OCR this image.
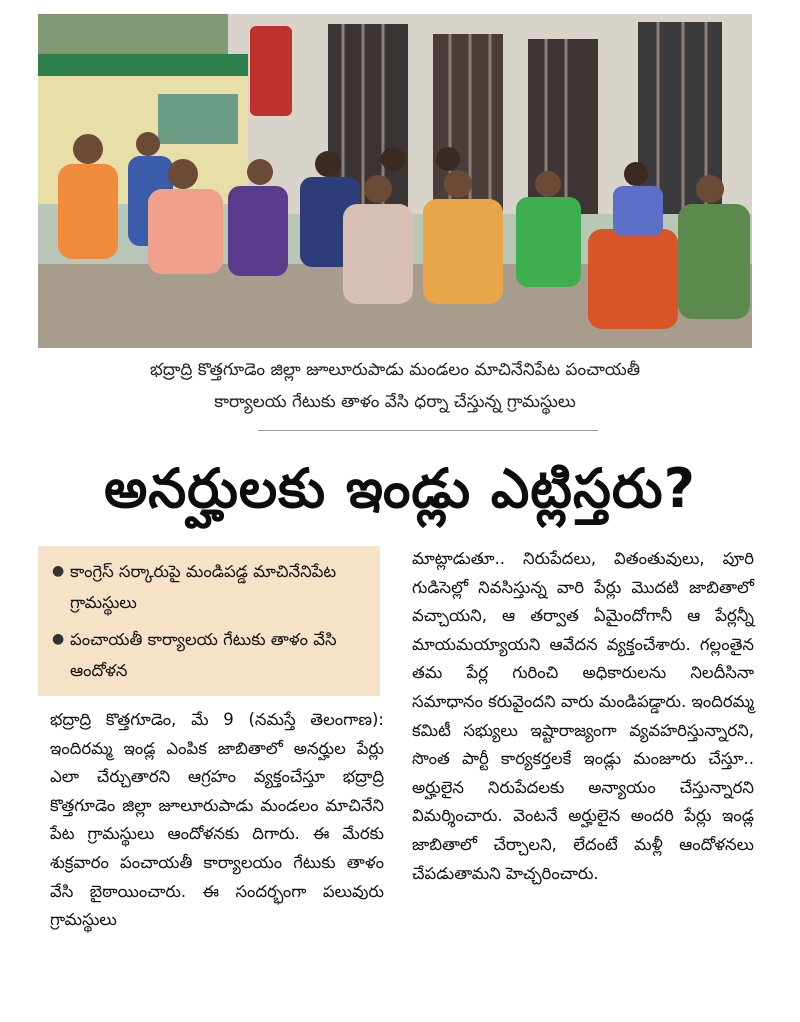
భద్రాద్రి కొత్తగూడెం జిల్లా జూలూరుపాడు మండలం మాచినేనిపేట పంచాయతీ
కార్యాలయ గేటుకు తాళం వేసి ధర్నా చేస్తున్న గ్రామస్థులు
అనర్హులకు ఇండ్లు ఎట్లిస్తరు?
● కాంగ్రెస్ సర్కారుపై మండిపడ్డ మాచినేనిపేట గ్రామస్థులు
● పంచాయతీ కార్యాలయ గేటుకు తాళం వేసి ఆందోళన
భద్రాద్రి కొత్తగూడెం, మే 9 (నమస్తే తెలంగాణ): ఇందిరమ్మ ఇండ్ల ఎంపిక జాబితాలో అనర్హుల పేర్లు ఎలా చేర్చుతారని ఆగ్రహం వ్యక్తంచేస్తూ భద్రాద్రి కొత్తగూడెం జిల్లా జూలూరుపాడు మండలం మాచినేని పేట గ్రామస్థులు ఆందోళనకు దిగారు. ఈ మేరకు శుక్రవారం పంచాయతీ కార్యాలయం గేటుకు తాళం వేసి బైఠాయించారు. ఈ సందర్భంగా పలువురు గ్రామస్థులు
మాట్లాడుతూ.. నిరుపేదలు, వితంతువులు, పూరి గుడిసెల్లో నివసిస్తున్న వారి పేర్లు మొదటి జాబితాలో వచ్చాయని, ఆ తర్వాత ఏమైందోగానీ ఆ పేర్లన్నీ మాయమయ్యాయని ఆవేదన వ్యక్తంచేశారు. గల్లంతైన తమ పేర్ల గురించి అధికారులను నిలదీసినా సమాధానం కరువైందని వారు మండిపడ్డారు. ఇందిరమ్మ కమిటీ సభ్యులు ఇష్టారాజ్యంగా వ్యవహరిస్తున్నారని, సొంత పార్టీ కార్యకర్తలకే ఇండ్లు మంజూరు చేస్తూ.. అర్హులైన నిరుపేదలకు అన్యాయం చేస్తున్నారని విమర్శించారు. వెంటనే అర్హులైన అందరి పేర్లు ఇండ్ల జాబితాలో చేర్చాలని, లేదంటే మళ్లీ ఆందోళనలు చేపడుతామని హెచ్చరించారు.
